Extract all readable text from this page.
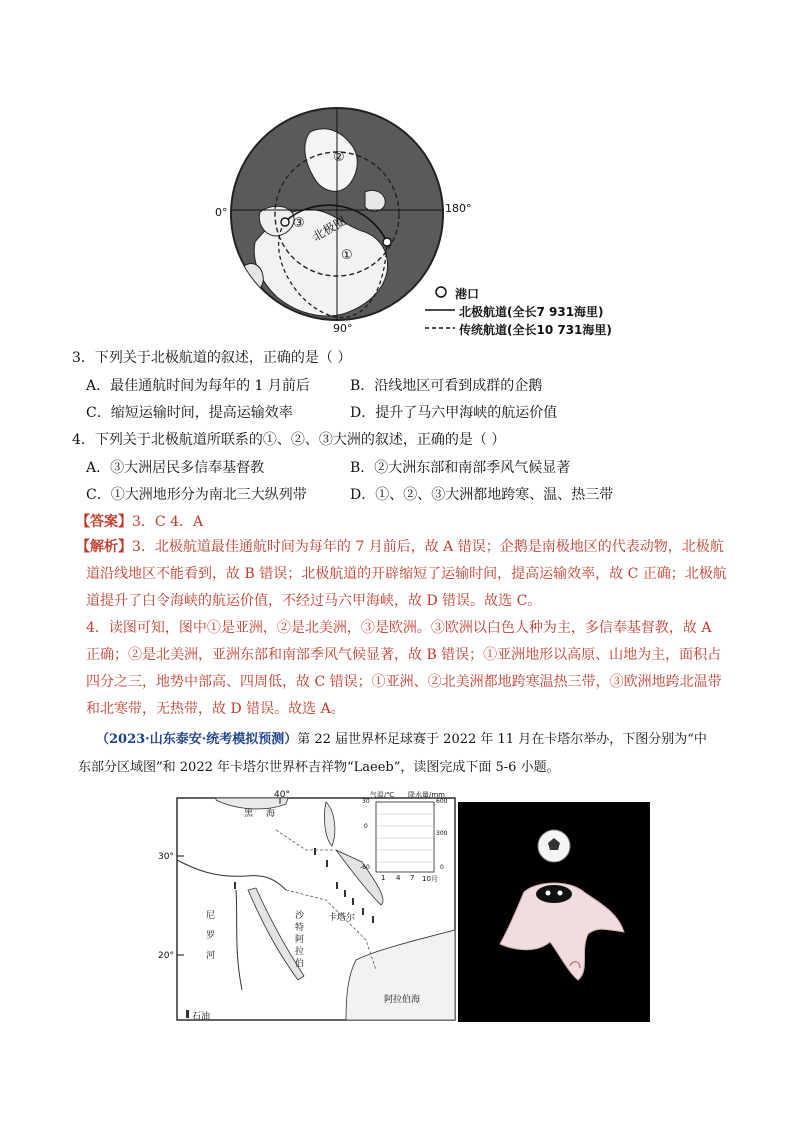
0°	180°
90°
②
③
①
北极圈
港口
北极航道(全长7 931海里)
传统航道(全长10 731海里)
3．下列关于北极航道的叙述，正确的是（ ）
A．最佳通航时间为每年的 1 月前后	B．沿线地区可看到成群的企鹅
C．缩短运输时间，提高运输效率	D．提升了马六甲海峡的航运价值
4．下列关于北极航道所联系的①、②、③大洲的叙述，正确的是（ ）
A．③大洲居民多信奉基督教	B．②大洲东部和南部季风气候显著
C．①大洲地形分为南北三大纵列带	D．①、②、③大洲都地跨寒、温、热三带
【答案】3．C 4．A
【解析】3．北极航道最佳通航时间为每年的 7 月前后，故 A 错误；企鹅是南极地区的代表动物，北极航
道沿线地区不能看到，故 B 错误；北极航道的开辟缩短了运输时间，提高运输效率，故 C 正确；北极航
道提升了白令海峡的航运价值，不经过马六甲海峡，故 D 错误。故选 C。
4．读图可知，图中①是亚洲，②是北美洲，③是欧洲。③欧洲以白色人种为主，多信奉基督教，故 A
正确；②是北美洲，亚洲东部和南部季风气候显著，故 B 错误；①亚洲地形以高原、山地为主，面积占
四分之三，地势中部高、四周低，故 C 错误；①亚洲、②北美洲都地跨寒温热三带，③欧洲地跨北温带
和北寒带，无热带，故 D 错误。故选 A。
（2023·山东泰安·统考模拟预测）第 22 届世界杯足球赛于 2022 年 11 月在卡塔尔举办，下图分别为“中
东部分区域图”和 2022 年卡塔尔世界杯吉祥物“Laeeb”，读图完成下面 5-6 小题。
40°
30°
20°
黑 海
尼
罗
河
沙
特
阿
拉
伯
卡塔尔
阿拉伯海
石油
气温/℃ 降水量/mm
1 4 7 10月
30
0
-60
600
300
0
